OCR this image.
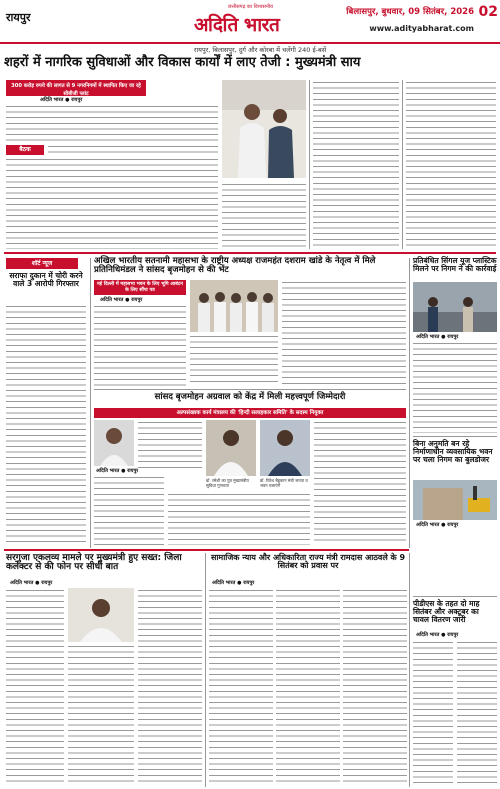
रायपुर
छत्तीसगढ़ का विश्वसनीय
अदिति भारत
बिलासपुर, बुधवार, 09 सितंबर, 2026 02
www.adityabharat.com
रायपुर, बिलासपुर, दुर्ग और कोरबा में चलेंगी 240 ई-बसें
शहरों में नागरिक सुविधाओं और विकास कार्यों में लाए तेजी : मुख्यमंत्री साय
300 करोड़ रुपये की लागत से 9 नगरनिगमों में स्थापित किए जा रहे सीबीजी प्लांट
अदिति भारत ● रायपुर
बैठक
शॉर्ट न्यूज
सराफा दुकान में चोरी करने वाले 3 आरोपी गिरफ्तार
अखिल भारतीय सतनामी महासभा के राष्ट्रीय अध्यक्ष राजमहंत दशराम खांडे के नेतृत्व में मिले प्रतिनिधिमंडल ने सांसद बृजमोहन से की भेंट
नई दिल्ली में महासभा भवन के लिए भूमि आबंटन के लिए सौंपा पत्र
अदिति भारत ● रायपुर
प्रतिबंधित सिंगल यूज प्लास्टिक मिलने पर निगम ने की कार्रवाई
अदिति भारत ● रायपुर
सांसद बृजमोहन अग्रवाल को केंद्र में मिली महत्त्वपूर्ण जिम्मेदारी
अल्पसंख्यक कार्य मंत्रालय की 'हिन्दी सलाहकार समिति' के सदस्य नियुक्त
अदिति भारत ● रायपुर
डॉ. रमेशी का पुत्र मुख्यमंत्रीय सुविधा गुणवत्ता
डॉ. रितेश बैहुकान मंत्री जनता व भवन चलाएंगे
बिना अनुमति बन रहे निर्माणाधीन व्यवसायिक भवन पर चला निगम का बुलडोजर
अदिति भारत ● रायपुर
सरगुजा एकलव्य मामले पर मुख्यमंत्री हुए सख्त: जिला कलेक्टर से की फोन पर सीधी बात
अदिति भारत ● रायपुर
सामाजिक न्याय और अधिकारिता राज्य मंत्री रामदास आठवले के 9 सितंबर को प्रवास पर
अदिति भारत ● रायपुर
पीडीएस के तहत दो माह सितंबर और अक्टूबर का चावल वितरण जारी
अदिति भारत ● रायपुर
